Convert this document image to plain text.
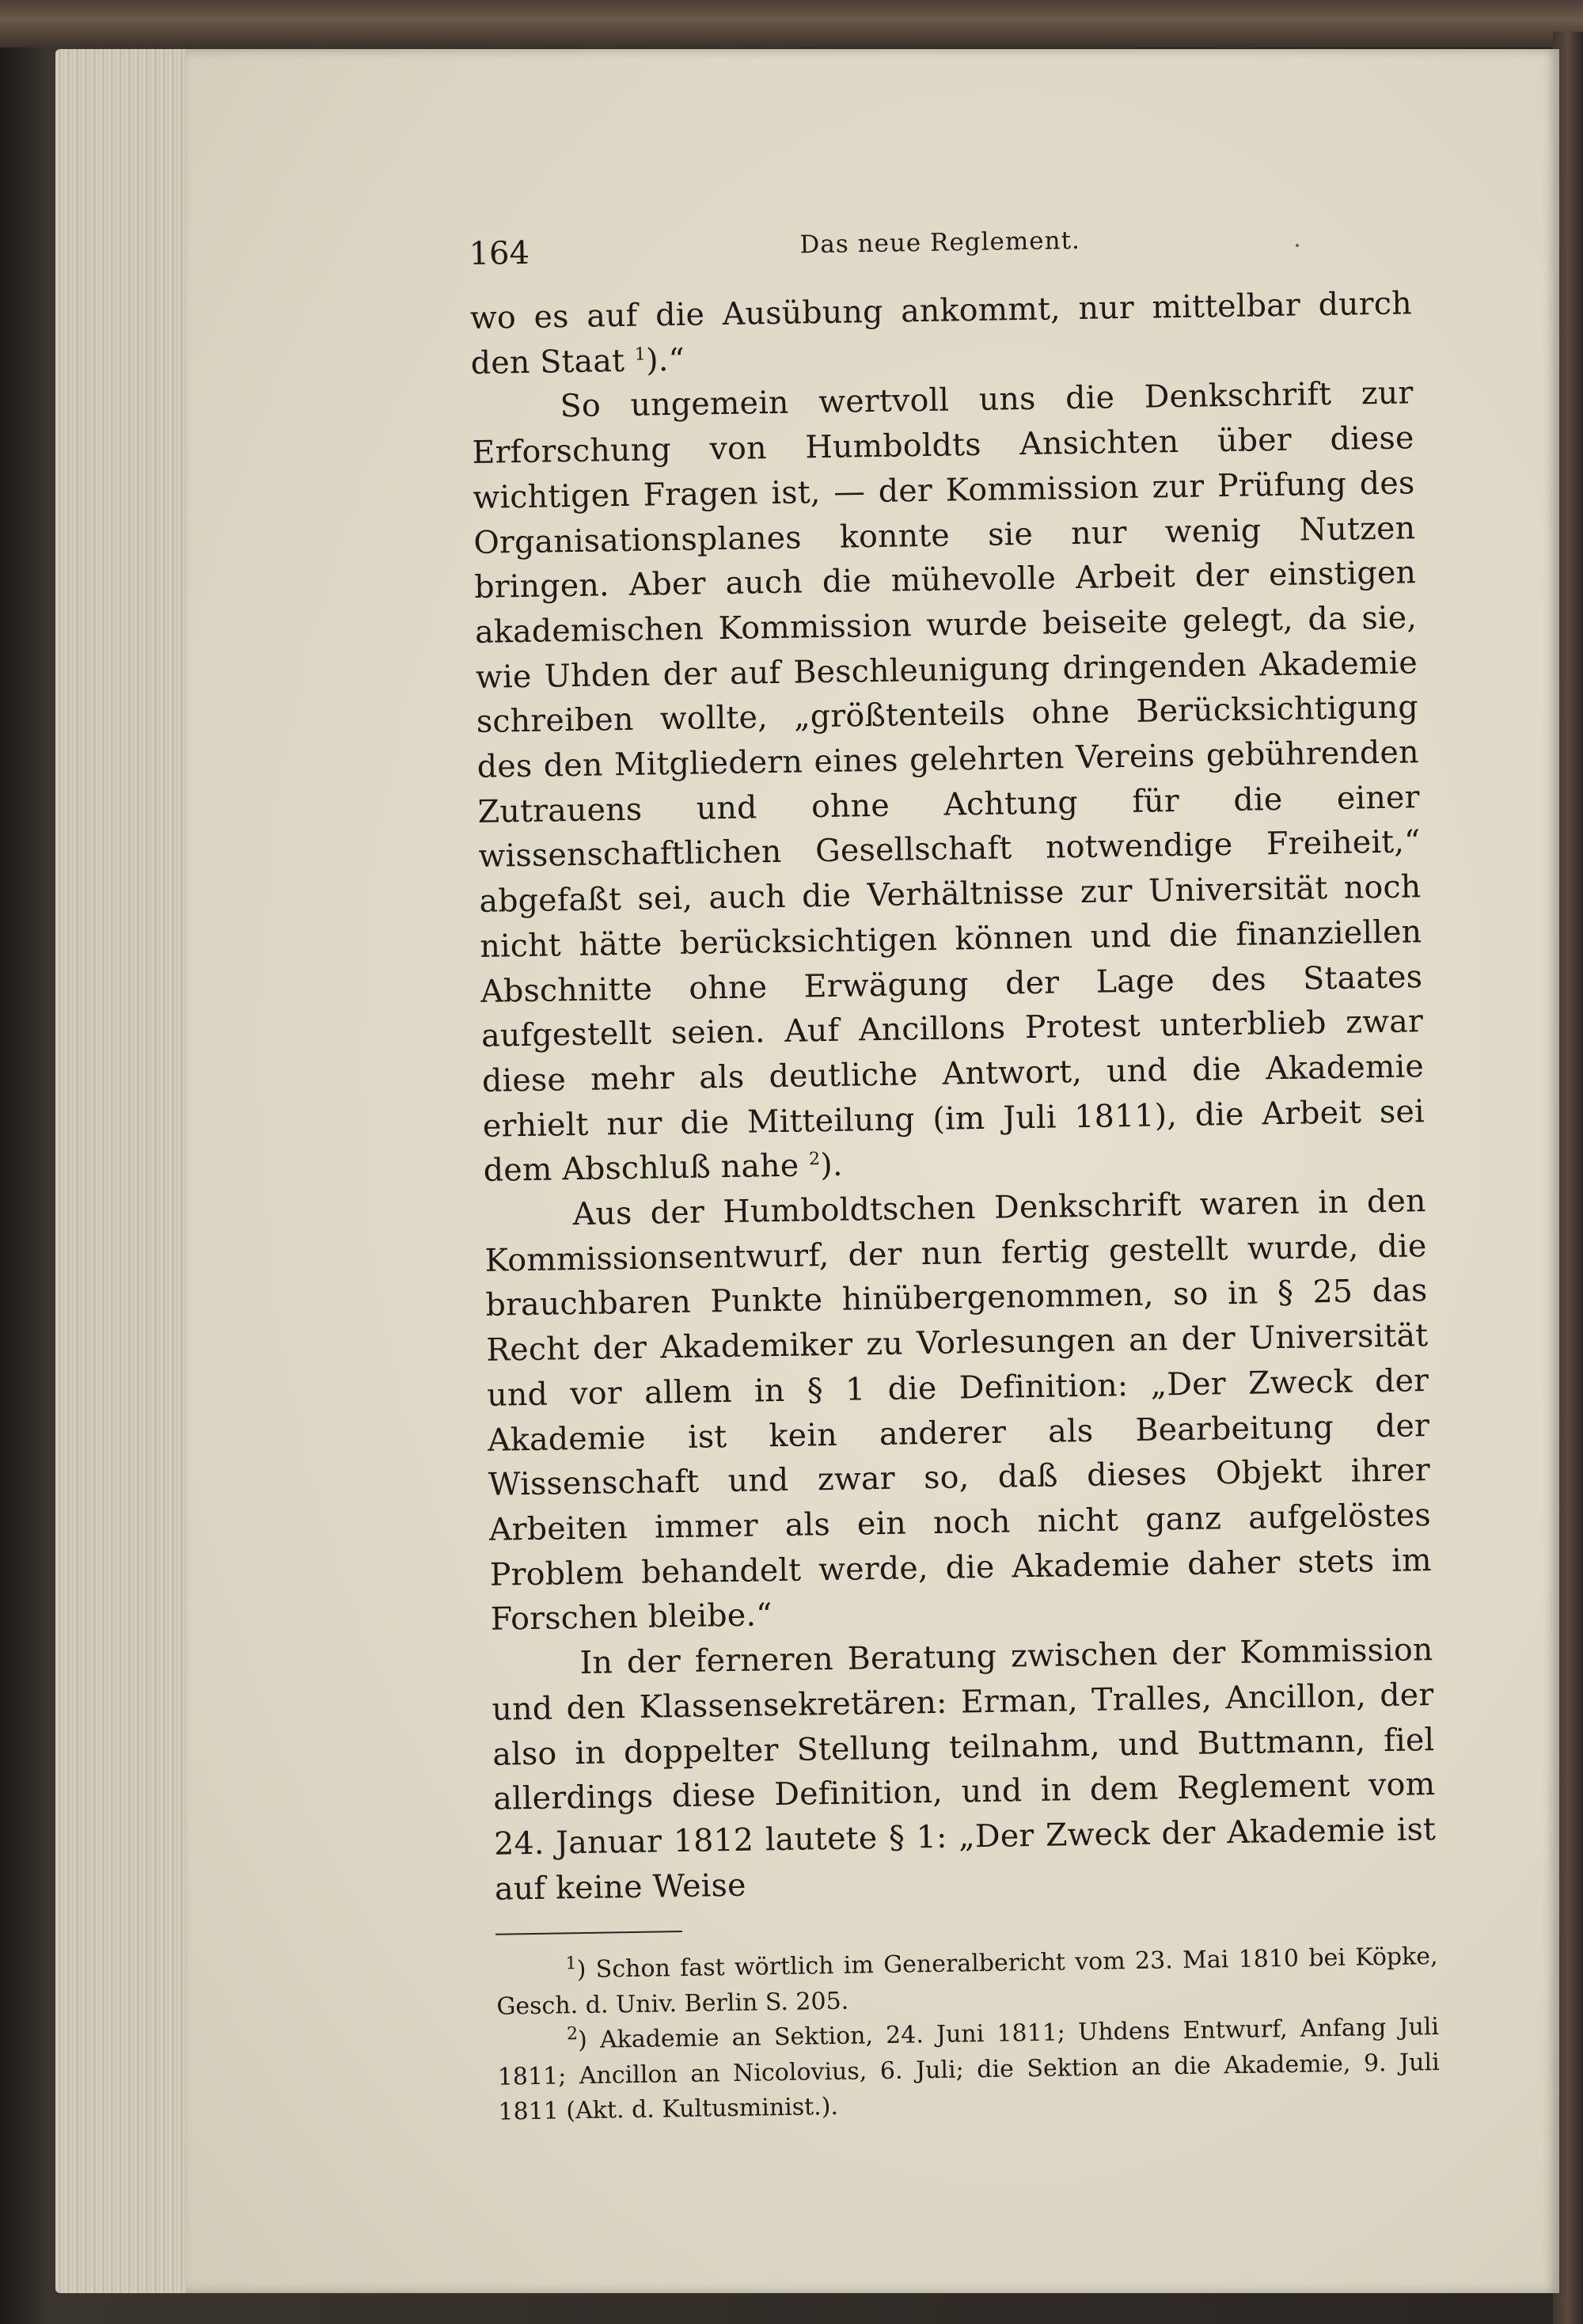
164	Das neue Reglement.

wo es auf die Ausübung ankommt, nur mittelbar durch den Staat $^1$).“

So ungemein wertvoll uns die Denkschrift zur Erforschung von Humboldts Ansichten über diese wichtigen Fragen ist, — der Kommission zur Prüfung des Organisationsplanes konnte sie nur wenig Nutzen bringen. Aber auch die mühevolle Arbeit der einstigen akademischen Kommission wurde beiseite gelegt, da sie, wie Uhden der auf Beschleunigung dringenden Akademie schreiben wollte, „größtenteils ohne Berücksichtigung des den Mitgliedern eines gelehrten Vereins gebührenden Zutrauens und ohne Achtung für die einer wissenschaftlichen Gesellschaft notwendige Freiheit,“ abgefaßt sei, auch die Verhältnisse zur Universität noch nicht hätte berücksichtigen können und die finanziellen Abschnitte ohne Erwägung der Lage des Staates aufgestellt seien. Auf Ancillons Protest unterblieb zwar diese mehr als deutliche Antwort, und die Akademie erhielt nur die Mitteilung (im Juli 1811), die Arbeit sei dem Abschluß nahe $^2$).

Aus der Humboldtschen Denkschrift waren in den Kommissionsentwurf, der nun fertig gestellt wurde, die brauchbaren Punkte hinübergenommen, so in § 25 das Recht der Akademiker zu Vorlesungen an der Universität und vor allem in § 1 die Definition: „Der Zweck der Akademie ist kein anderer als Bearbeitung der Wissenschaft und zwar so, daß dieses Objekt ihrer Arbeiten immer als ein noch nicht ganz aufgelöstes Problem behandelt werde, die Akademie daher stets im Forschen bleibe.“

In der ferneren Beratung zwischen der Kommission und den Klassensekretären: Erman, Tralles, Ancillon, der also in doppelter Stellung teilnahm, und Buttmann, fiel allerdings diese Definition, und in dem Reglement vom 24. Januar 1812 lautete § 1: „Der Zweck der Akademie ist auf keine Weise

$^1$) Schon fast wörtlich im Generalbericht vom 23. Mai 1810 bei Köpke, Gesch. d. Univ. Berlin S. 205.

$^2$) Akademie an Sektion, 24. Juni 1811; Uhdens Entwurf, Anfang Juli 1811; Ancillon an Nicolovius, 6. Juli; die Sektion an die Akademie, 9. Juli 1811 (Akt. d. Kultusminist.).
